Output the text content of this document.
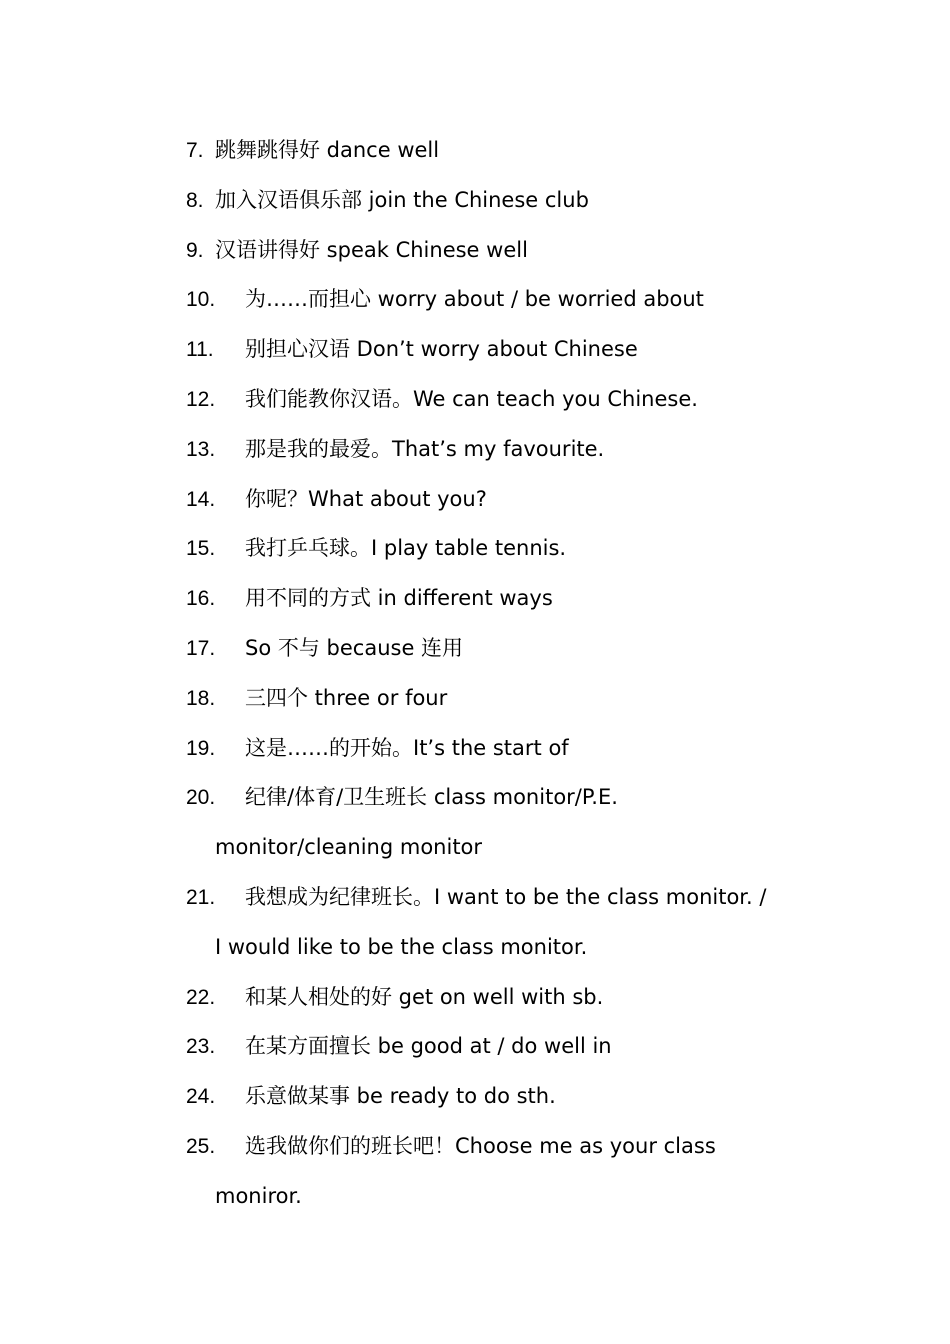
7. 跳舞跳得好 dance well
8. 加入汉语俱乐部 join the Chinese club
9. 汉语讲得好 speak Chinese well
10.	为……而担心 worry about / be worried about
11.	别担心汉语 Don’t worry about Chinese
12.	我们能教你汉语。We can teach you Chinese.
13.	那是我的最爱。That’s my favourite.
14.	你呢？What about you?
15.	我打乒乓球。I play table tennis.
16.	用不同的方式 in different ways
17.	So 不与 because 连用
18.	三四个 three or four
19.	这是……的开始。It’s the start of
20.	纪律/体育/卫生班长 class monitor/P.E.
monitor/cleaning monitor
21.	我想成为纪律班长。I want to be the class monitor. /
I would like to be the class monitor.
22.	和某人相处的好 get on well with sb.
23.	在某方面擅长 be good at / do well in
24.	乐意做某事 be ready to do sth.
25.	选我做你们的班长吧！Choose me as your class
moniror.
